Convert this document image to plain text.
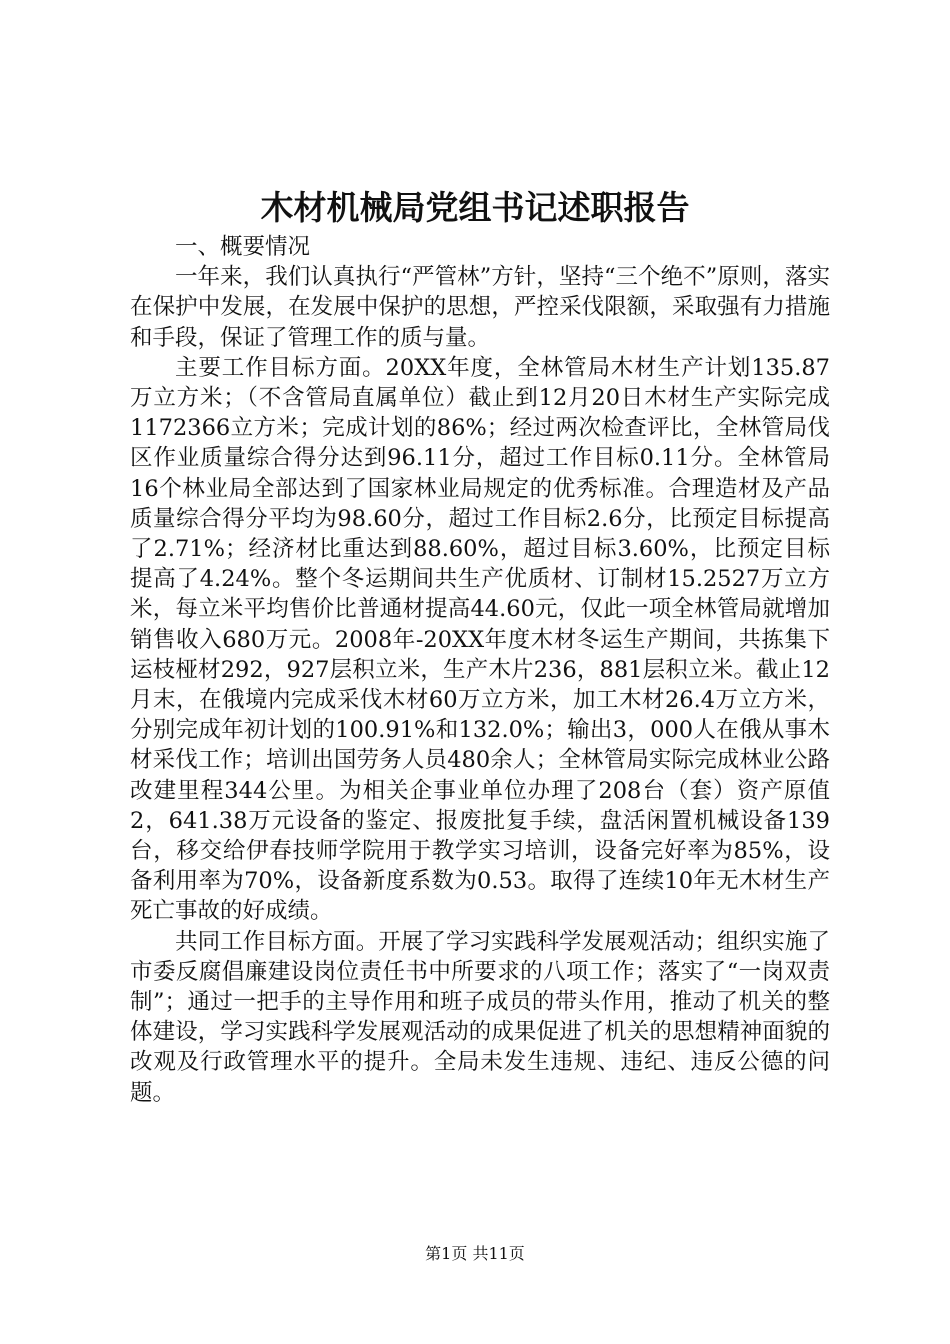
木材机械局党组书记述职报告

一、概要情况

一年来，我们认真执行“严管林”方针，坚持“三个绝不”原则，落实在保护中发展，在发展中保护的思想，严控采伐限额，采取强有力措施和手段，保证了管理工作的质与量。

主要工作目标方面。20XX年度，全林管局木材生产计划135.87万立方米；（不含管局直属单位）截止到12月20日木材生产实际完成1172366立方米；完成计划的86%；经过两次检查评比，全林管局伐区作业质量综合得分达到96.11分，超过工作目标0.11分。全林管局16个林业局全部达到了国家林业局规定的优秀标准。合理造材及产品质量综合得分平均为98.60分，超过工作目标2.6分，比预定目标提高了2.71%；经济材比重达到88.60%，超过目标3.60%，比预定目标提高了4.24%。整个冬运期间共生产优质材、订制材15.2527万立方米，每立米平均售价比普通材提高44.60元，仅此一项全林管局就增加销售收入680万元。2008年-20XX年度木材冬运生产期间，共拣集下运枝桠材292，927层积立米，生产木片236，881层积立米。截止12月末，在俄境内完成采伐木材60万立方米，加工木材26.4万立方米，分别完成年初计划的100.91%和132.0%；输出3，000人在俄从事木材采伐工作；培训出国劳务人员480余人；全林管局实际完成林业公路改建里程344公里。为相关企事业单位办理了208台（套）资产原值2，641.38万元设备的鉴定、报废批复手续，盘活闲置机械设备139台，移交给伊春技师学院用于教学实习培训，设备完好率为85%，设备利用率为70%，设备新度系数为0.53。取得了连续10年无木材生产死亡事故的好成绩。

共同工作目标方面。开展了学习实践科学发展观活动；组织实施了市委反腐倡廉建设岗位责任书中所要求的八项工作；落实了“一岗双责制”；通过一把手的主导作用和班子成员的带头作用，推动了机关的整体建设，学习实践科学发展观活动的成果促进了机关的思想精神面貌的改观及行政管理水平的提升。全局未发生违规、违纪、违反公德的问题。

第1页 共11页
